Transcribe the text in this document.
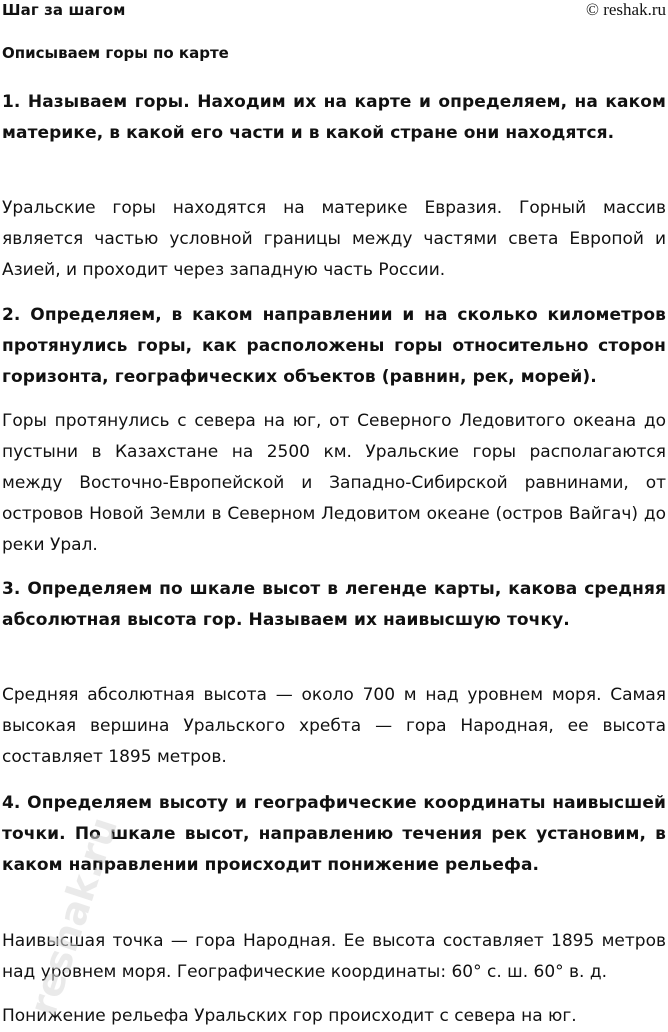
Шаг за шагом	© reshak.ru
Описываем горы по карте
1. Называем горы. Находим их на карте и определяем, на каком материке, в какой его части и в какой стране они находятся.
Уральские горы находятся на материке Евразия. Горный массив является частью условной границы между частями света Европой и Азией, и проходит через западную часть России.
2. Определяем, в каком направлении и на сколько километров протянулись горы, как расположены горы относительно сторон горизонта, географических объектов (равнин, рек, морей).
Горы протянулись с севера на юг, от Северного Ледовитого океана до пустыни в Казахстане на 2500 км. Уральские горы располагаются между Восточно-Европейской и Западно-Сибирской равнинами, от островов Новой Земли в Северном Ледовитом океане (остров Вайгач) до реки Урал.
3. Определяем по шкале высот в легенде карты, какова средняя абсолютная высота гор. Называем их наивысшую точку.
Средняя абсолютная высота — около 700 м над уровнем моря. Самая высокая вершина Уральского хребта — гора Народная, ее высота составляет 1895 метров.
4. Определяем высоту и географические координаты наивысшей точки. По шкале высот, направлению течения рек установим, в каком направлении происходит понижение рельефа.
Наивысшая точка — гора Народная. Ее высота составляет 1895 метров над уровнем моря. Географические координаты: 60° с. ш. 60° в. д.
Понижение рельефа Уральских гор происходит с севера на юг.
reshak.ru
